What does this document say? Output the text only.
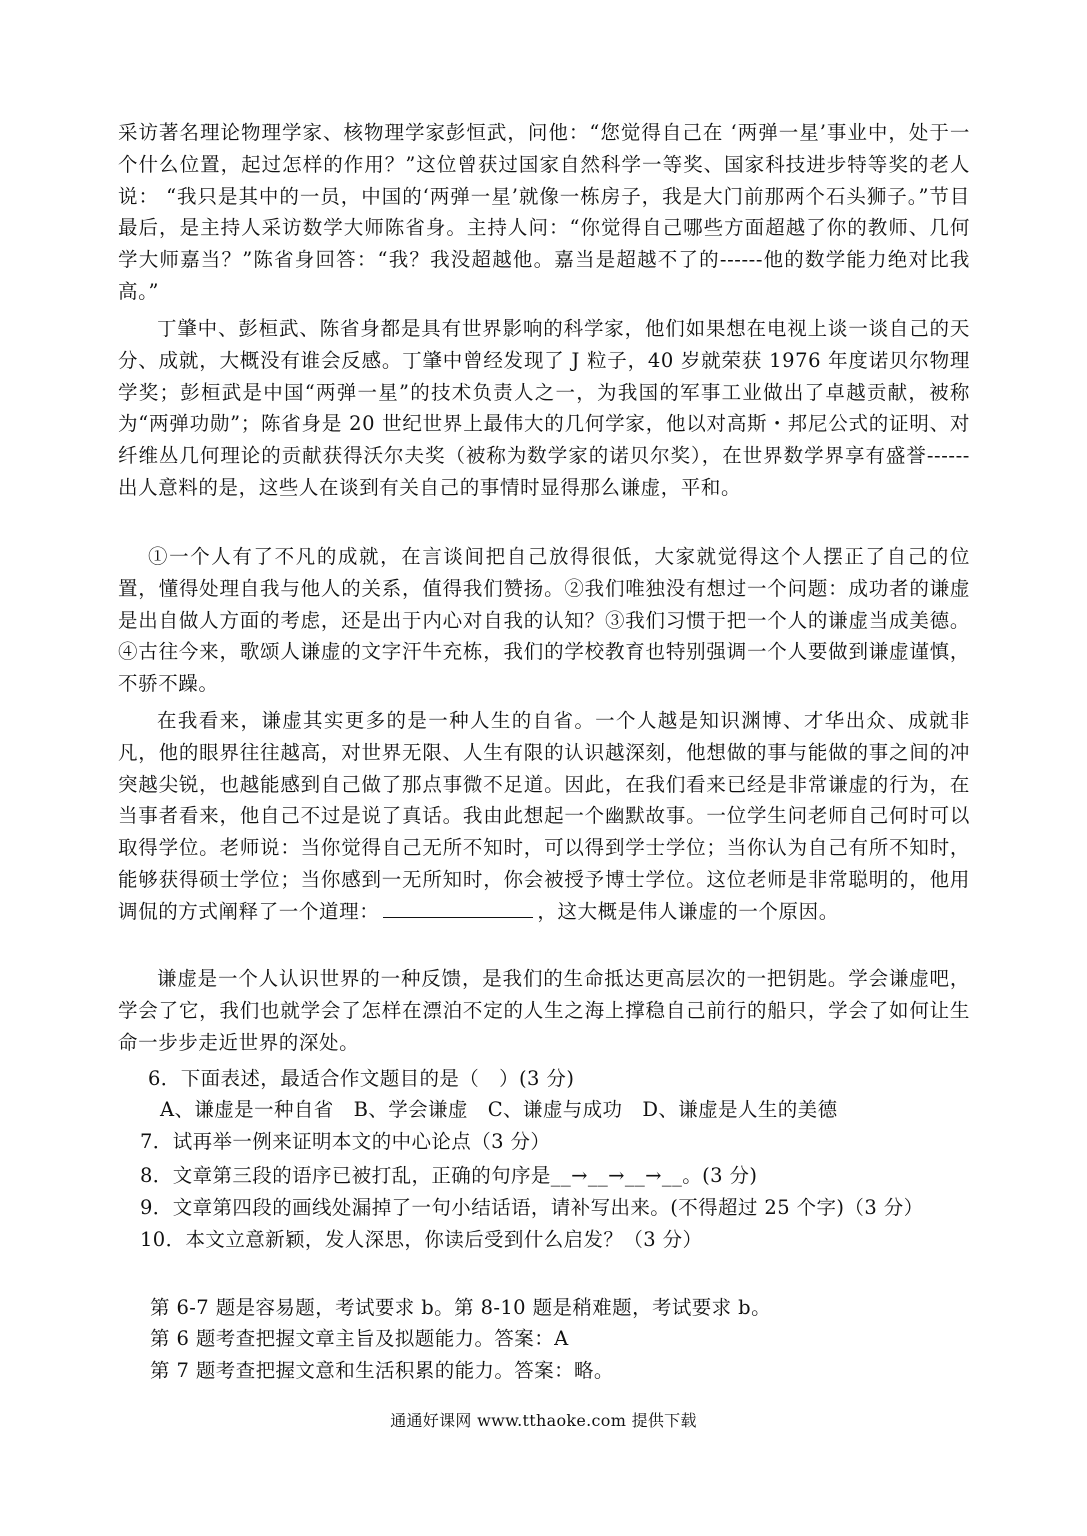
采访著名理论物理学家、核物理学家彭恒武，问他：“您觉得自己在 ‘两弹一星’事业中，处于一个什么位置，起过怎样的作用？”这位曾获过国家自然科学一等奖、国家科技进步特等奖的老人说： “我只是其中的一员，中国的‘两弹一星’就像一栋房子，我是大门前那两个石头狮子。”节目最后，是主持人采访数学大师陈省身。主持人问：“你觉得自己哪些方面超越了你的教师、几何学大师嘉当？”陈省身回答：“我？我没超越他。嘉当是超越不了的------他的数学能力绝对比我高。”

丁肇中、彭桓武、陈省身都是具有世界影响的科学家，他们如果想在电视上谈一谈自己的天分、成就，大概没有谁会反感。丁肇中曾经发现了 J 粒子，40 岁就荣获 1976 年度诺贝尔物理学奖；彭桓武是中国“两弹一星”的技术负责人之一，为我国的军事工业做出了卓越贡献，被称为“两弹功勋”；陈省身是 20 世纪世界上最伟大的几何学家，他以对高斯・邦尼公式的证明、对纤维丛几何理论的贡献获得沃尔夫奖（被称为数学家的诺贝尔奖），在世界数学界享有盛誉------出人意料的是，这些人在谈到有关自己的事情时显得那么谦虚，平和。

①一个人有了不凡的成就，在言谈间把自己放得很低，大家就觉得这个人摆正了自己的位置，懂得处理自我与他人的关系，值得我们赞扬。②我们唯独没有想过一个问题：成功者的谦虚是出自做人方面的考虑，还是出于内心对自我的认知？③我们习惯于把一个人的谦虚当成美德。④古往今来，歌颂人谦虚的文字汗牛充栋，我们的学校教育也特别强调一个人要做到谦虚谨慎，不骄不躁。

在我看来，谦虚其实更多的是一种人生的自省。一个人越是知识渊博、才华出众、成就非凡，他的眼界往往越高，对世界无限、人生有限的认识越深刻，他想做的事与能做的事之间的冲突越尖锐，也越能感到自己做了那点事微不足道。因此，在我们看来已经是非常谦虚的行为，在当事者看来，他自己不过是说了真话。我由此想起一个幽默故事。一位学生问老师自己何时可以取得学位。老师说：当你觉得自己无所不知时，可以得到学士学位；当你认为自己有所不知时，能够获得硕士学位；当你感到一无所知时，你会被授予博士学位。这位老师是非常聪明的，他用调侃的方式阐释了一个道理：	，这大概是伟人谦虚的一个原因。

谦虚是一个人认识世界的一种反馈，是我们的生命抵达更高层次的一把钥匙。学会谦虚吧，学会了它，我们也就学会了怎样在漂泊不定的人生之海上撑稳自己前行的船只，学会了如何让生命一步步走近世界的深处。

6．下面表述，最适合作文题目的是（　）(3 分)

A、谦虚是一种自省　B、学会谦虚　C、谦虚与成功　D、谦虚是人生的美德

7．试再举一例来证明本文的中心论点（3 分）

8．文章第三段的语序已被打乱，正确的句序是__→__→__→__。(3 分)

9．文章第四段的画线处漏掉了一句小结话语，请补写出来。(不得超过 25 个字)（3 分）

10．本文立意新颖，发人深思，你读后受到什么启发？（3 分）

第 6-7 题是容易题，考试要求 b。第 8-10 题是稍难题，考试要求 b。

第 6 题考查把握文章主旨及拟题能力。答案：A

第 7 题考查把握文意和生活积累的能力。答案：略。

通通好课网 www.tthaoke.com 提供下载
